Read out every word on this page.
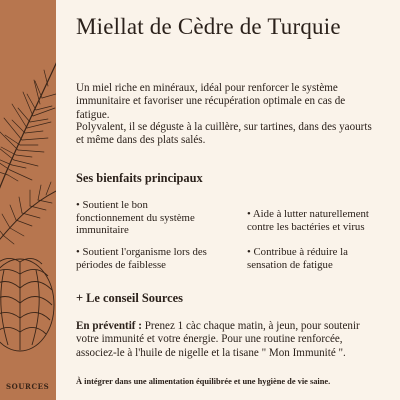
SOURCES
Miellat de Cèdre de Turquie

Un miel riche en minéraux, idéal pour renforcer le système immunitaire et favoriser une récupération optimale en cas de fatigue.

Polyvalent, il se déguste à la cuillère, sur tartines, dans des yaourts et même dans des plats salés.

Ses bienfaits principaux

• Soutient le bon fonctionnement du système immunitaire

• Aide à lutter naturellement contre les bactéries et virus

• Soutient l'organisme lors des périodes de faiblesse

• Contribue à réduire la sensation de fatigue

+ Le conseil Sources

En préventif : Prenez 1 càc chaque matin, à jeun, pour soutenir votre immunité et votre énergie. Pour une routine renforcée, associez-le à l'huile de nigelle et la tisane " Mon Immunité ".

À intégrer dans une alimentation équilibrée et une hygiène de vie saine.
